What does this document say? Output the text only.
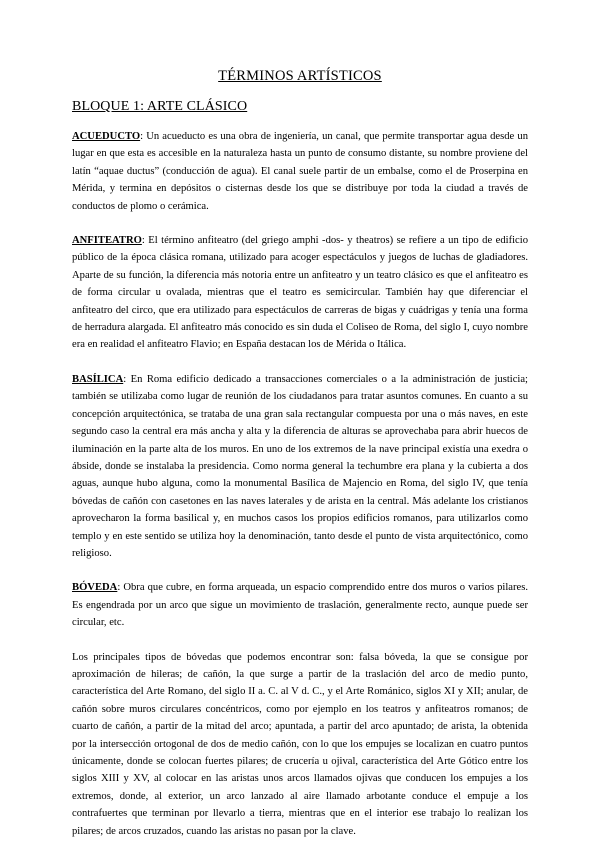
TÉRMINOS ARTÍSTICOS
BLOQUE 1: ARTE CLÁSICO

ACUEDUCTO: Un acueducto es una obra de ingeniería, un canal, que permite transportar agua desde un lugar en que esta es accesible en la naturaleza hasta un punto de consumo distante, su nombre proviene del latín “aquae ductus” (conducción de agua). El canal suele partir de un embalse, como el de Proserpina en Mérida, y termina en depósitos o cisternas desde los que se distribuye por toda la ciudad a través de conductos de plomo o cerámica.

ANFITEATRO: El término anfiteatro (del griego amphi -dos- y theatros) se refiere a un tipo de edificio público de la época clásica romana, utilizado para acoger espectáculos y juegos de luchas de gladiadores. Aparte de su función, la diferencia más notoria entre un anfiteatro y un teatro clásico es que el anfiteatro es de forma circular u ovalada, mientras que el teatro es semicircular. También hay que diferenciar el anfiteatro del circo, que era utilizado para espectáculos de carreras de bigas y cuádrigas y tenía una forma de herradura alargada. El anfiteatro más conocido es sin duda el Coliseo de Roma, del siglo I, cuyo nombre era en realidad el anfiteatro Flavio; en España destacan los de Mérida o Itálica.

BASÍLICA: En Roma edificio dedicado a transacciones comerciales o a la administración de justicia; también se utilizaba como lugar de reunión de los ciudadanos para tratar asuntos comunes. En cuanto a su concepción arquitectónica, se trataba de una gran sala rectangular compuesta por una o más naves, en este segundo caso la central era más ancha y alta y la diferencia de alturas se aprovechaba para abrir huecos de iluminación en la parte alta de los muros. En uno de los extremos de la nave principal existía una exedra o ábside, donde se instalaba la presidencia. Como norma general la techumbre era plana y la cubierta a dos aguas, aunque hubo alguna, como la monumental Basílica de Majencio en Roma, del siglo IV, que tenía bóvedas de cañón con casetones en las naves laterales y de arista en la central. Más adelante los cristianos aprovecharon la forma basilical y, en muchos casos los propios edificios romanos, para utilizarlos como templo y en este sentido se utiliza hoy la denominación, tanto desde el punto de vista arquitectónico, como religioso.

BÓVEDA: Obra que cubre, en forma arqueada, un espacio comprendido entre dos muros o varios pilares. Es engendrada por un arco que sigue un movimiento de traslación, generalmente recto, aunque puede ser circular, etc.

Los principales tipos de bóvedas que podemos encontrar son: falsa bóveda, la que se consigue por aproximación de hileras; de cañón, la que surge a partir de la traslación del arco de medio punto, característica del Arte Romano, del siglo II a. C. al V d. C., y el Arte Románico, siglos XI y XII; anular, de cañón sobre muros circulares concéntricos, como por ejemplo en los teatros y anfiteatros romanos; de cuarto de cañón, a partir de la mitad del arco; apuntada, a partir del arco apuntado; de arista, la obtenida por la intersección ortogonal de dos de medio cañón, con lo que los empujes se localizan en cuatro puntos únicamente, donde se colocan fuertes pilares; de crucería u ojival, característica del Arte Gótico entre los siglos XIII y XV, al colocar en las aristas unos arcos llamados ojivas que conducen los empujes a los extremos, donde, al exterior, un arco lanzado al aire llamado arbotante conduce el empuje a los contrafuertes que terminan por llevarlo a tierra, mientras que en el interior ese trabajo lo realizan los pilares; de arcos cruzados, cuando las aristas no pasan por la clave.
